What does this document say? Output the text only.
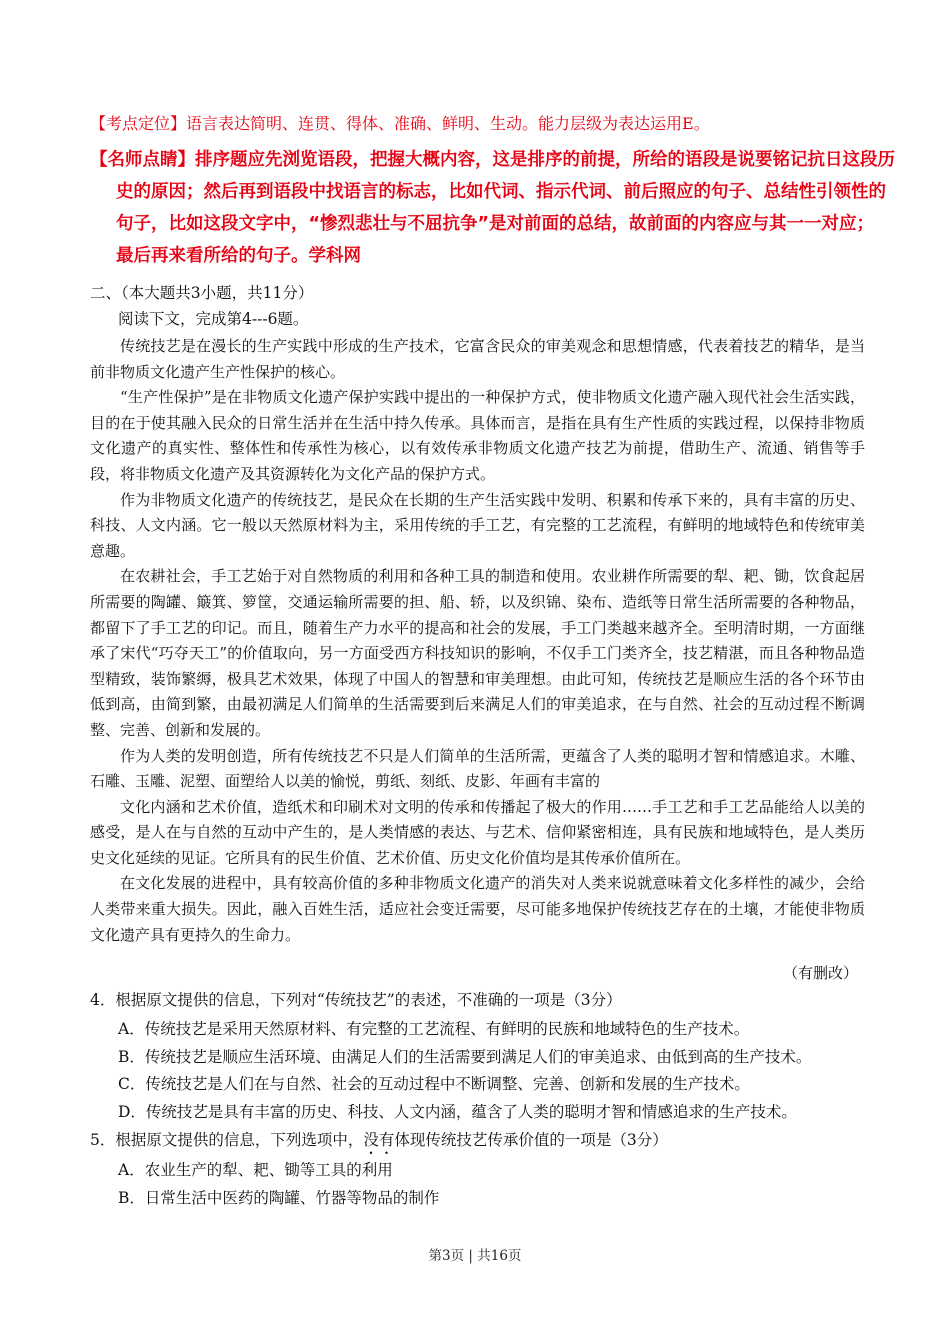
【考点定位】语言表达简明、连贯、得体、准确、鲜明、生动。能力层级为表达运用E。
【名师点睛】排序题应先浏览语段，把握大概内容，这是排序的前提，所给的语段是说要铭记抗日这段历
史的原因；然后再到语段中找语言的标志，比如代词、指示代词、前后照应的句子、总结性引领性的
句子，比如这段文字中，“惨烈悲壮与不屈抗争”是对前面的总结，故前面的内容应与其一一对应；
最后再来看所给的句子。学科网
二、（本大题共3小题，共11分）
阅读下文，完成第4---6题。

传统技艺是在漫长的生产实践中形成的生产技术，它富含民众的审美观念和思想情感，代表着技艺的精华，是当前非物质文化遗产生产性保护的核心。

“生产性保护”是在非物质文化遗产保护实践中提出的一种保护方式，使非物质文化遗产融入现代社会生活实践，目的在于使其融入民众的日常生活并在生活中持久传承。具体而言，是指在具有生产性质的实践过程，以保持非物质文化遗产的真实性、整体性和传承性为核心，以有效传承非物质文化遗产技艺为前提，借助生产、流通、销售等手段，将非物质文化遗产及其资源转化为文化产品的保护方式。

作为非物质文化遗产的传统技艺，是民众在长期的生产生活实践中发明、积累和传承下来的，具有丰富的历史、科技、人文内涵。它一般以天然原材料为主，采用传统的手工艺，有完整的工艺流程，有鲜明的地域特色和传统审美意趣。

在农耕社会，手工艺始于对自然物质的利用和各种工具的制造和使用。农业耕作所需要的犁、耙、锄，饮食起居所需要的陶罐、簸箕、箩筐，交通运输所需要的担、船、轿，以及织锦、染布、造纸等日常生活所需要的各种物品，都留下了手工艺的印记。而且，随着生产力水平的提高和社会的发展，手工门类越来越齐全。至明清时期，一方面继承了宋代“巧夺天工”的价值取向，另一方面受西方科技知识的影响，不仅手工门类齐全，技艺精湛，而且各种物品造型精致，装饰繁缛，极具艺术效果，体现了中国人的智慧和审美理想。由此可知，传统技艺是顺应生活的各个环节由低到高，由简到繁，由最初满足人们简单的生活需要到后来满足人们的审美追求，在与自然、社会的互动过程不断调整、完善、创新和发展的。

作为人类的发明创造，所有传统技艺不只是人们简单的生活所需，更蕴含了人类的聪明才智和情感追求。木雕、石雕、玉雕、泥塑、面塑给人以美的愉悦，剪纸、刻纸、皮影、年画有丰富的

文化内涵和艺术价值，造纸术和印刷术对文明的传承和传播起了极大的作用……手工艺和手工艺品能给人以美的感受，是人在与自然的互动中产生的，是人类情感的表达、与艺术、信仰紧密相连，具有民族和地域特色，是人类历史文化延续的见证。它所具有的民生价值、艺术价值、历史文化价值均是其传承价值所在。

在文化发展的进程中，具有较高价值的多种非物质文化遗产的消失对人类来说就意味着文化多样性的减少，会给人类带来重大损失。因此，融入百姓生活，适应社会变迁需要，尽可能多地保护传统技艺存在的土壤，才能使非物质文化遗产具有更持久的生命力。

（有删改）
4．根据原文提供的信息，下列对“传统技艺”的表述，不准确的一项是（3分）
A．传统技艺是采用天然原材料、有完整的工艺流程、有鲜明的民族和地域特色的生产技术。
B．传统技艺是顺应生活环境、由满足人们的生活需要到满足人们的审美追求、由低到高的生产技术。
C．传统技艺是人们在与自然、社会的互动过程中不断调整、完善、创新和发展的生产技术。
D．传统技艺是具有丰富的历史、科技、人文内涵，蕴含了人类的聪明才智和情感追求的生产技术。
5．根据原文提供的信息，下列选项中，没有体现传统技艺传承价值的一项是（3分）
A．农业生产的犁、耙、锄等工具的利用
B．日常生活中医药的陶罐、竹器等物品的制作
第3页 | 共16页
